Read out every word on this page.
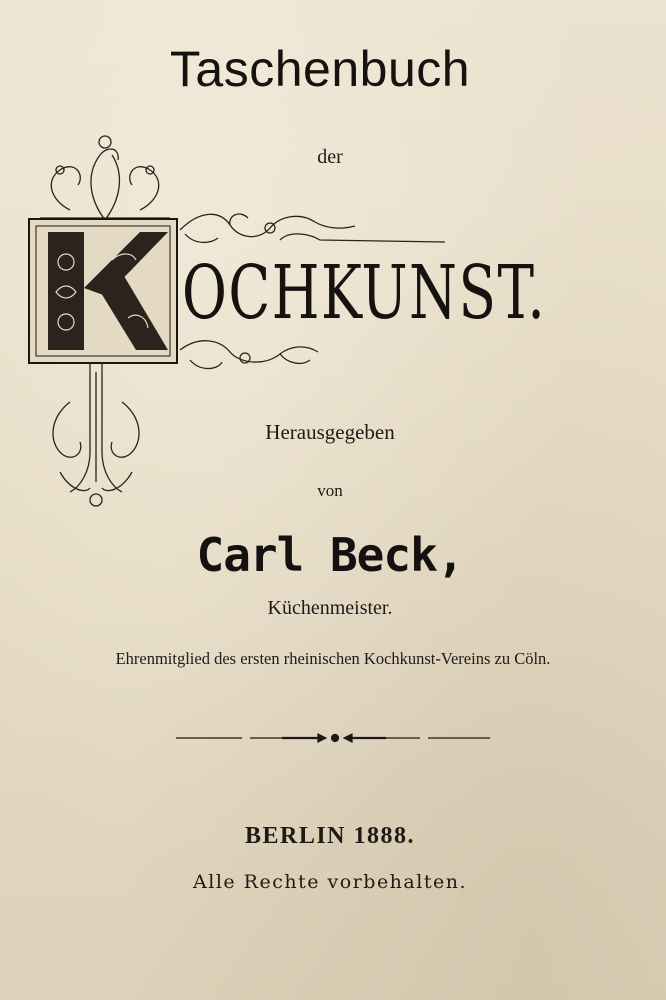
Taschenbuch
der
OCHKUNST.
Herausgegeben
von
Carl Beck,
Küchenmeister.
Ehrenmitglied des ersten rheinischen Kochkunst-Vereins zu Cöln.
BERLIN 1888.
Alle Rechte vorbehalten.
